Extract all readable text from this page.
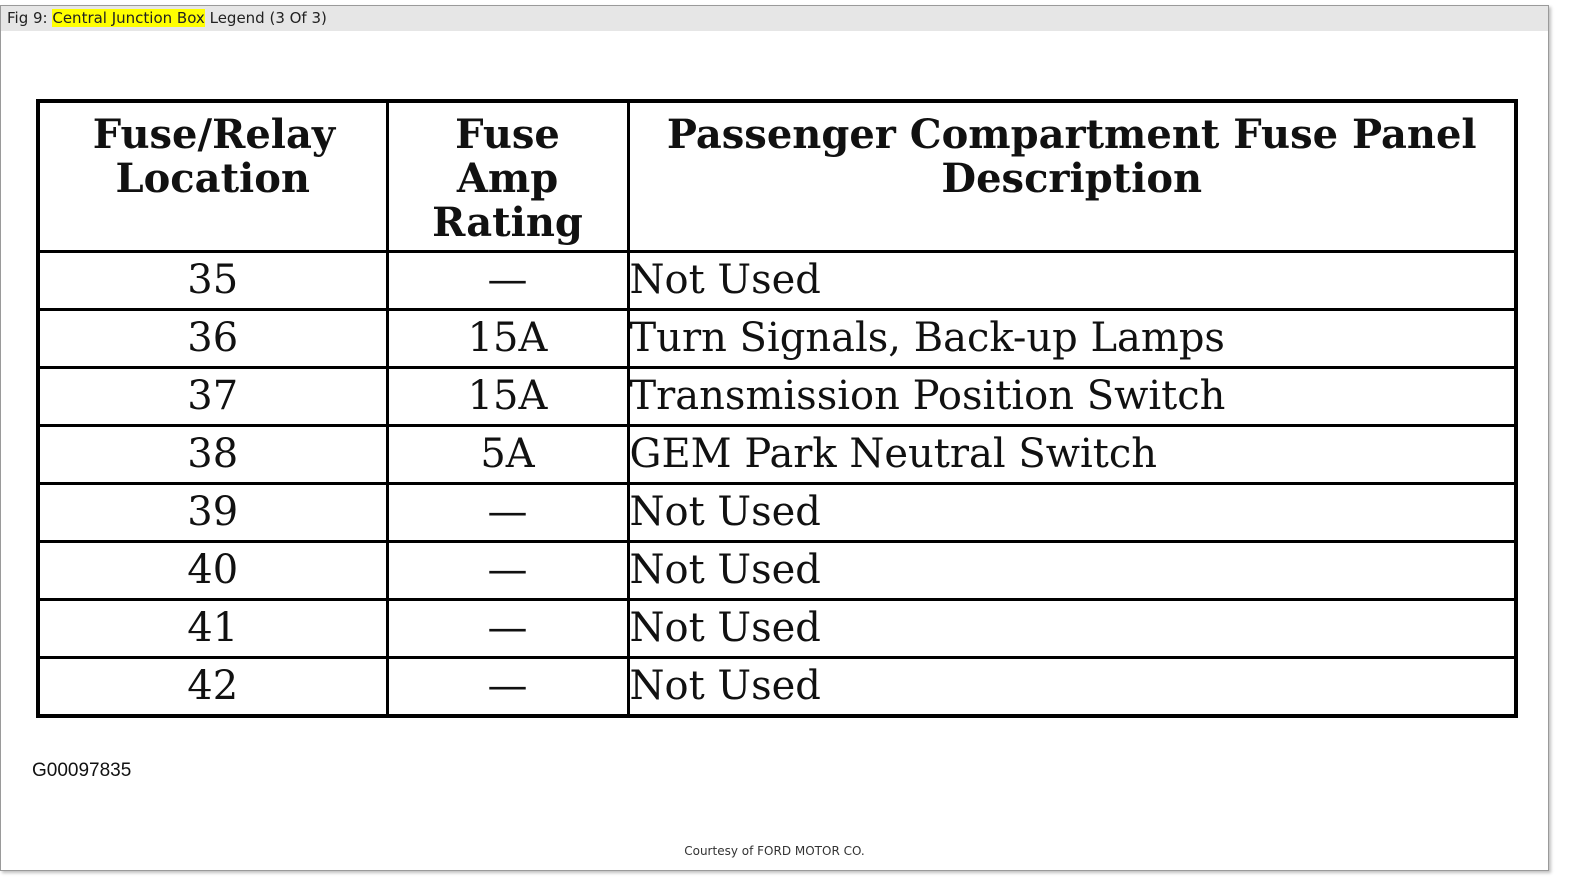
Fig 9: Central Junction Box Legend (3 Of 3)
Fuse/Relay Location	Fuse Amp Rating	Passenger Compartment Fuse Panel Description

35	—	Not Used
36	15A	Turn Signals, Back-up Lamps
37	15A	Transmission Position Switch
38	5A	GEM Park Neutral Switch
39	—	Not Used
40	—	Not Used
41	—	Not Used
42	—	Not Used
G00097835
Courtesy of FORD MOTOR CO.
